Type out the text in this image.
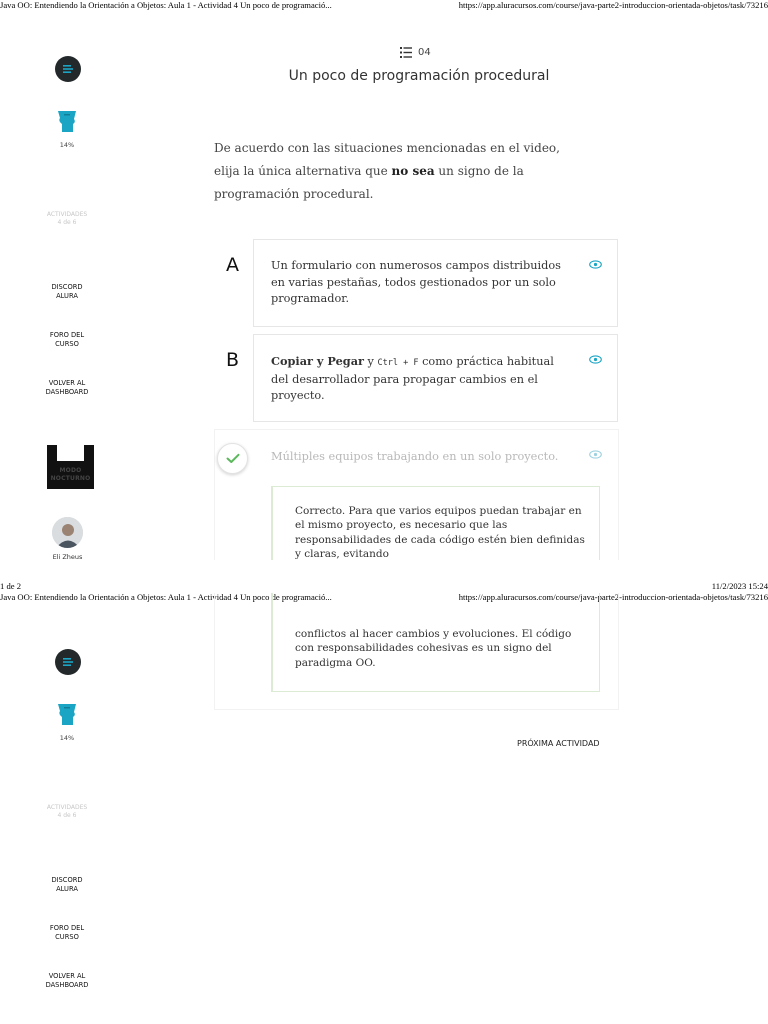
Java OO: Entendiendo la Orientación a Objetos: Aula 1 - Actividad 4 Un poco de programació...	https://app.aluracursos.com/course/java-parte2-introduccion-orientada-objetos/task/73216
14%
ACTIVIDADES
4 de 6
DISCORD
ALURA
FORO DEL
CURSO
VOLVER AL
DASHBOARD
MODO
NOCTURNO
Eli Zheus
04
Un poco de programación procedural
De acuerdo con las situaciones mencionadas en el video, elija la única alternativa que no sea un signo de la programación procedural.
A	Un formulario con numerosos campos distribuidos en varias pestañas, todos gestionados por un solo programador.
B	Copiar y Pegar y Ctrl + F como práctica habitual del desarrollador para propagar cambios en el proyecto.
Múltiples equipos trabajando en un solo proyecto.
Correcto. Para que varios equipos puedan trabajar en el mismo proyecto, es necesario que las responsabilidades de cada código estén bien definidas y claras, evitando
1 de 2	11/2/2023 15:24
Java OO: Entendiendo la Orientación a Objetos: Aula 1 - Actividad 4 Un poco de programació...	https://app.aluracursos.com/course/java-parte2-introduccion-orientada-objetos/task/73216
14%
ACTIVIDADES
4 de 6
DISCORD
ALURA
FORO DEL
CURSO
VOLVER AL
DASHBOARD
conflictos al hacer cambios y evoluciones. El código con responsabilidades cohesivas es un signo del paradigma OO.
PRÓXIMA ACTIVIDAD
